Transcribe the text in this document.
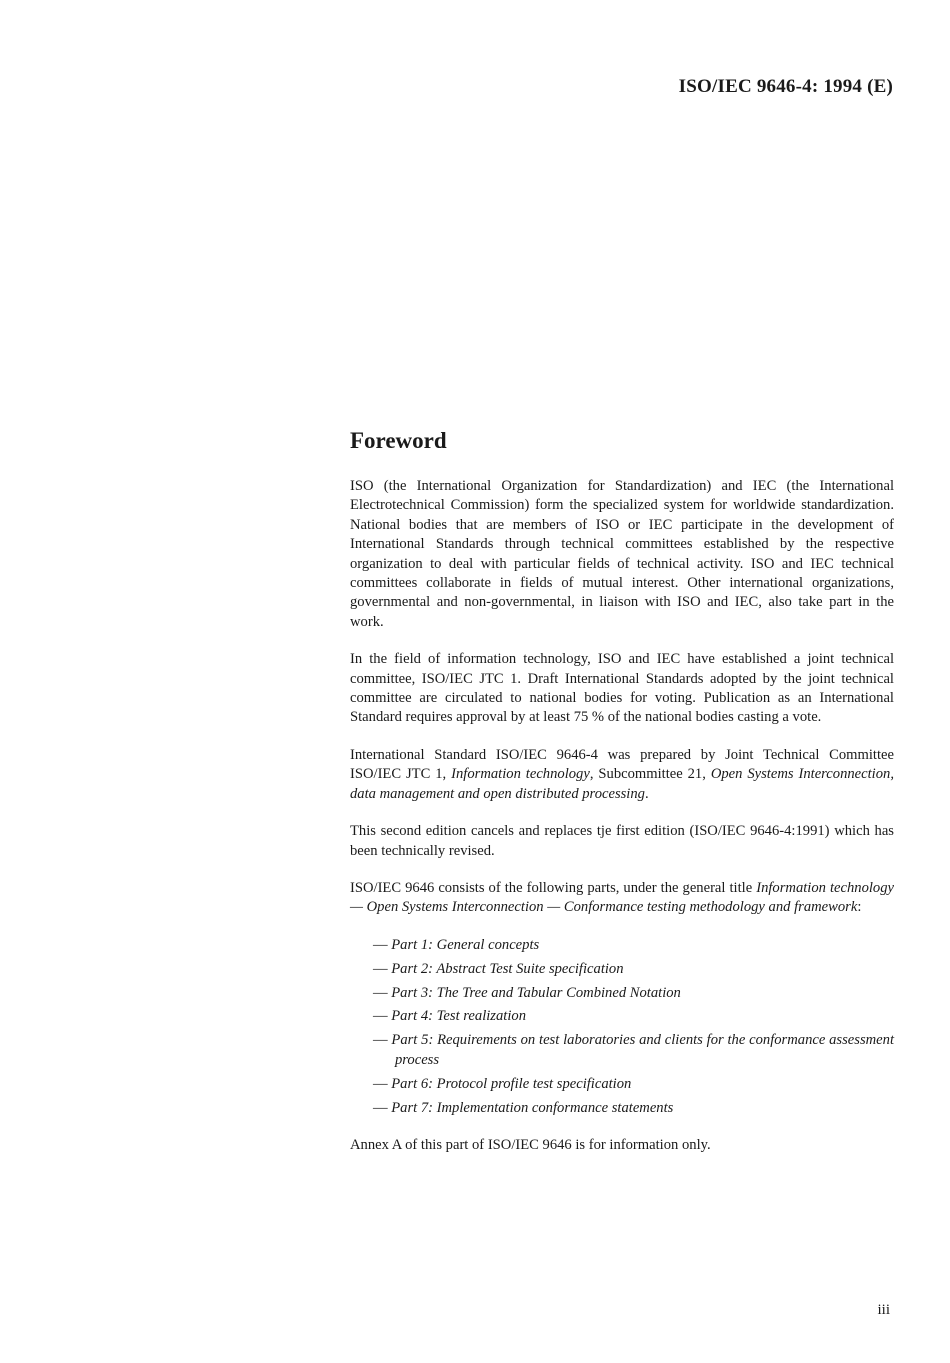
ISO/IEC 9646-4: 1994 (E)
Foreword

ISO (the International Organization for Standardization) and IEC (the International Electrotechnical Commission) form the specialized system for worldwide standardization. National bodies that are members of ISO or IEC participate in the development of International Standards through technical committees established by the respective organization to deal with particular fields of technical activity. ISO and IEC technical committees collaborate in fields of mutual interest. Other international organizations, governmental and non-governmental, in liaison with ISO and IEC, also take part in the work.

In the field of information technology, ISO and IEC have established a joint technical committee, ISO/IEC JTC 1. Draft International Standards adopted by the joint technical committee are circulated to national bodies for voting. Publication as an International Standard requires approval by at least 75 % of the national bodies casting a vote.

International Standard ISO/IEC 9646-4 was prepared by Joint Technical Committee ISO/IEC JTC 1, Information technology, Subcommittee 21, Open Systems Interconnection, data management and open distributed processing.

This second edition cancels and replaces tje first edition (ISO/IEC 9646-4:1991) which has been technically revised.

ISO/IEC 9646 consists of the following parts, under the general title Information technology — Open Systems Interconnection — Conformance testing methodology and framework:

— Part 1: General concepts
— Part 2: Abstract Test Suite specification
— Part 3: The Tree and Tabular Combined Notation
— Part 4: Test realization
— Part 5: Requirements on test laboratories and clients for the conformance assessment process
— Part 6: Protocol profile test specification
— Part 7: Implementation conformance statements

Annex A of this part of ISO/IEC 9646 is for information only.

iii
